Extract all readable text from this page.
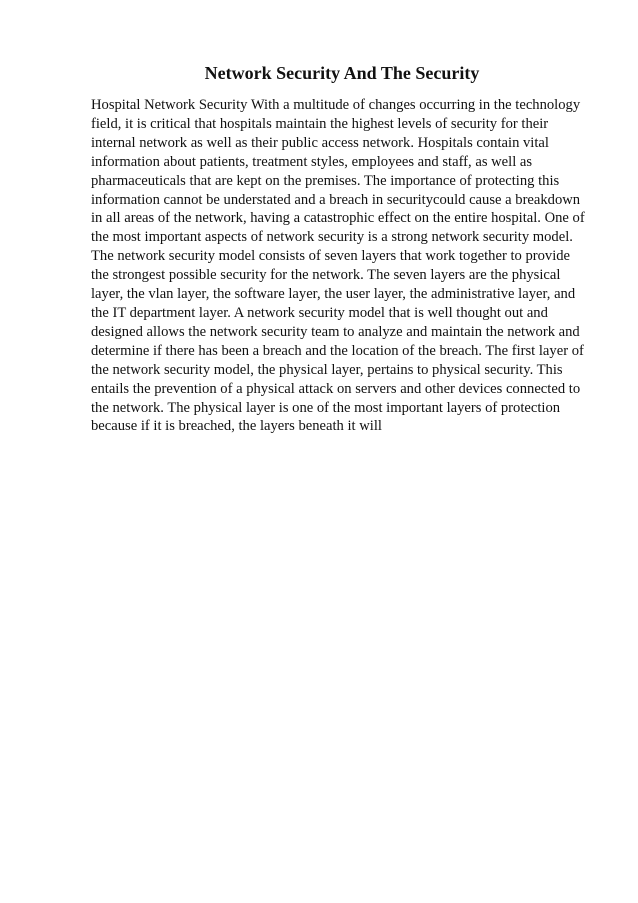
Network Security And The Security

Hospital Network Security With a multitude of changes occurring in the technology field, it is critical that hospitals maintain the highest levels of security for their internal network as well as their public access network. Hospitals contain vital information about patients, treatment styles, employees and staff, as well as pharmaceuticals that are kept on the premises. The importance of protecting this information cannot be understated and a breach in securitycould cause a breakdown in all areas of the network, having a catastrophic effect on the entire hospital. One of the most important aspects of network security is a strong network security model. The network security model consists of seven layers that work together to provide the strongest possible security for the network. The seven layers are the physical layer, the vlan layer, the software layer, the user layer, the administrative layer, and the IT department layer. A network security model that is well thought out and designed allows the network security team to analyze and maintain the network and determine if there has been a breach and the location of the breach. The first layer of the network security model, the physical layer, pertains to physical security. This entails the prevention of a physical attack on servers and other devices connected to the network. The physical layer is one of the most important layers of protection because if it is breached, the layers beneath it will
